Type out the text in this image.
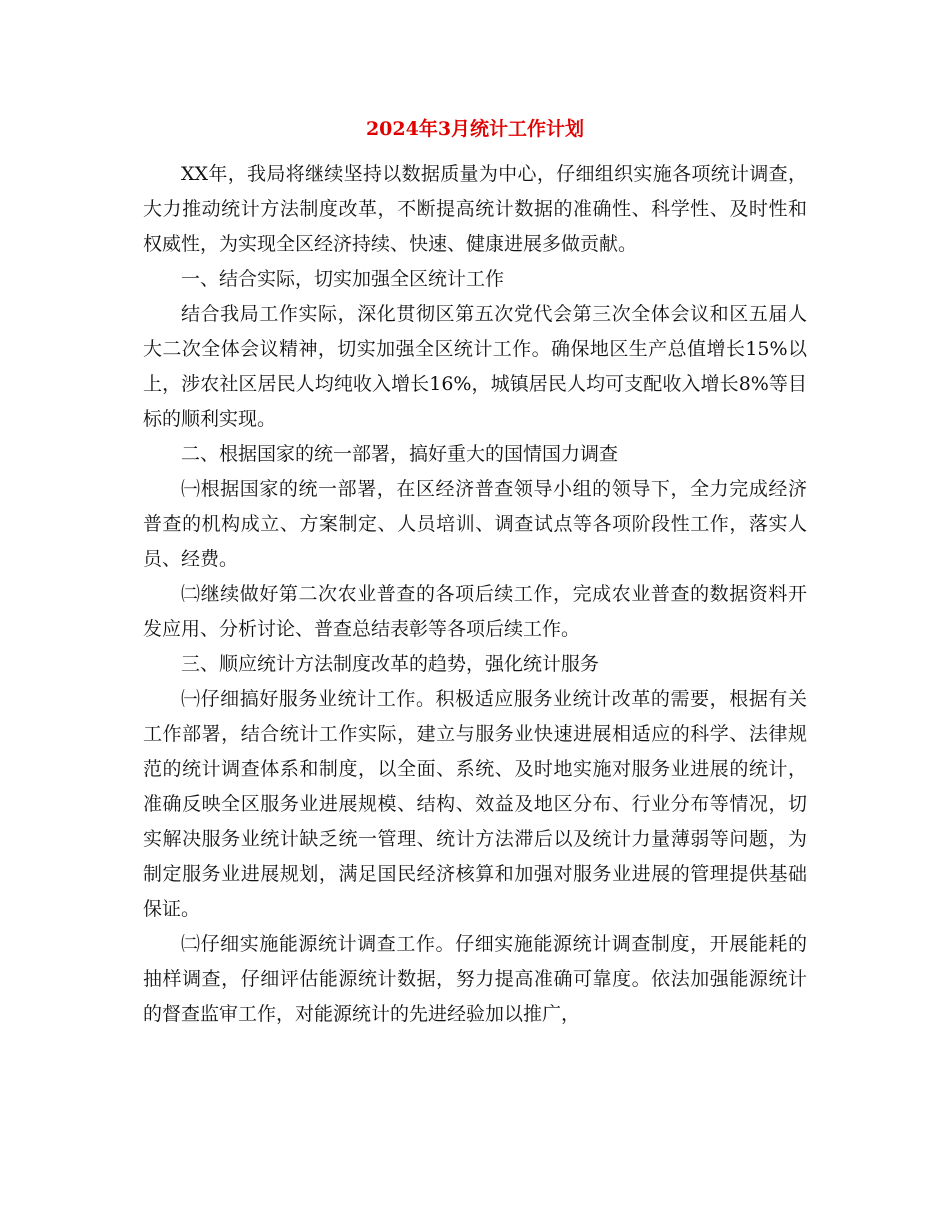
2024年3月统计工作计划

XX年，我局将继续坚持以数据质量为中心，仔细组织实施各项统计调查，大力推动统计方法制度改革，不断提高统计数据的准确性、科学性、及时性和权威性，为实现全区经济持续、快速、健康进展多做贡献。

一、结合实际，切实加强全区统计工作

结合我局工作实际，深化贯彻区第五次党代会第三次全体会议和区五届人大二次全体会议精神，切实加强全区统计工作。确保地区生产总值增长15%以上，涉农社区居民人均纯收入增长16%，城镇居民人均可支配收入增长8%等目标的顺利实现。

二、根据国家的统一部署，搞好重大的国情国力调查

㈠根据国家的统一部署，在区经济普查领导小组的领导下，全力完成经济普查的机构成立、方案制定、人员培训、调查试点等各项阶段性工作，落实人员、经费。

㈡继续做好第二次农业普查的各项后续工作，完成农业普查的数据资料开发应用、分析讨论、普查总结表彰等各项后续工作。

三、顺应统计方法制度改革的趋势，强化统计服务

㈠仔细搞好服务业统计工作。积极适应服务业统计改革的需要，根据有关工作部署，结合统计工作实际，建立与服务业快速进展相适应的科学、法律规范的统计调查体系和制度，以全面、系统、及时地实施对服务业进展的统计，准确反映全区服务业进展规模、结构、效益及地区分布、行业分布等情况，切实解决服务业统计缺乏统一管理、统计方法滞后以及统计力量薄弱等问题，为制定服务业进展规划，满足国民经济核算和加强对服务业进展的管理提供基础保证。

㈡仔细实施能源统计调查工作。仔细实施能源统计调查制度，开展能耗的抽样调查，仔细评估能源统计数据，努力提高准确可靠度。依法加强能源统计的督查监审工作，对能源统计的先进经验加以推广，
